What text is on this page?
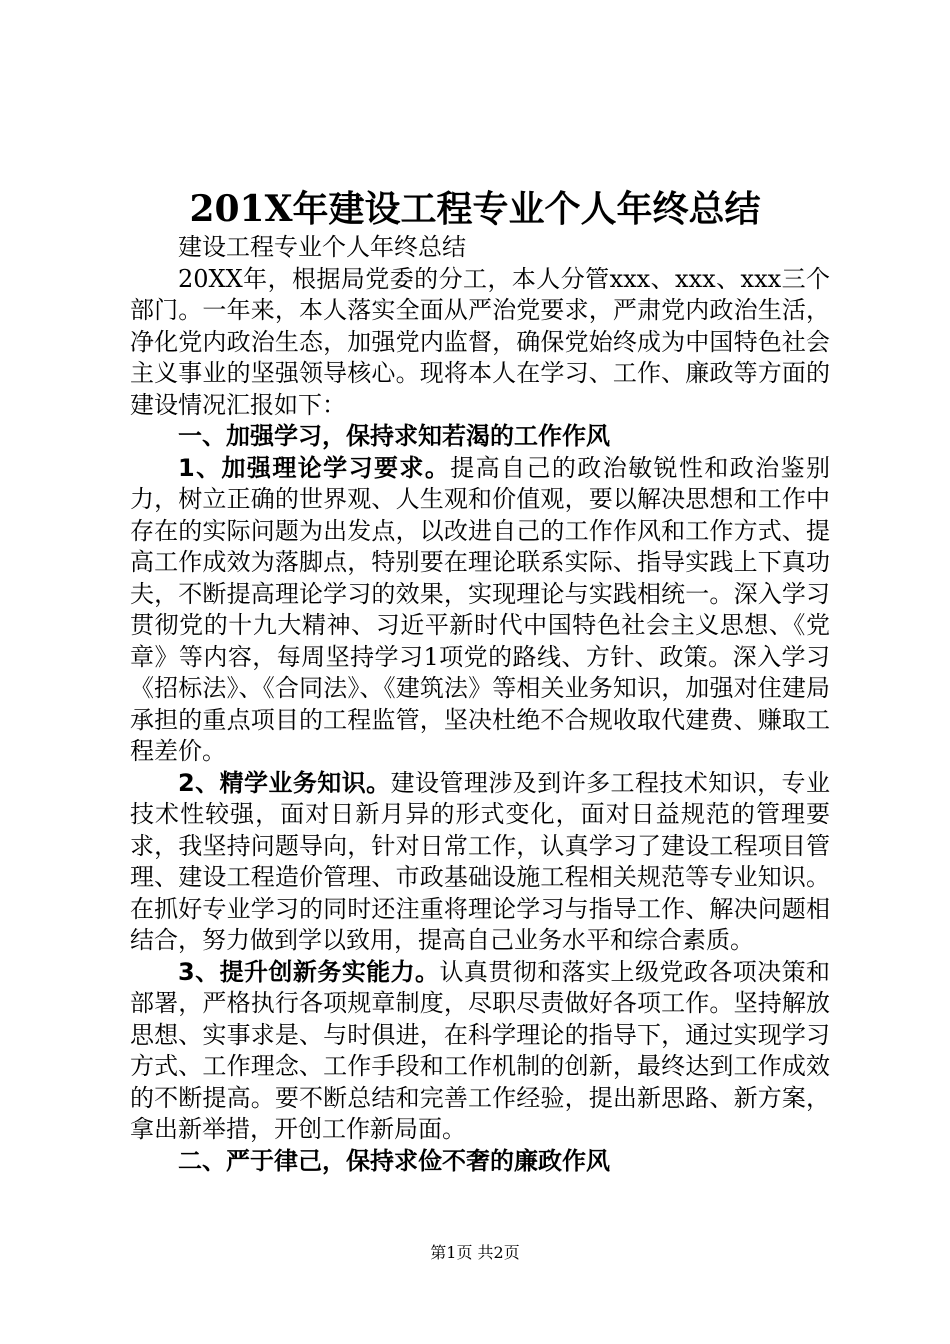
201X年建设工程专业个人年终总结

建设工程专业个人年终总结

20XX年，根据局党委的分工，本人分管xxx、xxx、xxx三个部门。一年来，本人落实全面从严治党要求，严肃党内政治生活，净化党内政治生态，加强党内监督，确保党始终成为中国特色社会主义事业的坚强领导核心。现将本人在学习、工作、廉政等方面的建设情况汇报如下：

一、加强学习，保持求知若渴的工作作风

1、加强理论学习要求。提高自己的政治敏锐性和政治鉴别力，树立正确的世界观、人生观和价值观，要以解决思想和工作中存在的实际问题为出发点，以改进自己的工作作风和工作方式、提高工作成效为落脚点，特别要在理论联系实际、指导实践上下真功夫，不断提高理论学习的效果，实现理论与实践相统一。深入学习贯彻党的十九大精神、习近平新时代中国特色社会主义思想、《党章》等内容，每周坚持学习1项党的路线、方针、政策。深入学习《招标法》、《合同法》、《建筑法》等相关业务知识，加强对住建局承担的重点项目的工程监管，坚决杜绝不合规收取代建费、赚取工程差价。

2、精学业务知识。建设管理涉及到许多工程技术知识，专业技术性较强，面对日新月异的形式变化，面对日益规范的管理要求，我坚持问题导向，针对日常工作，认真学习了建设工程项目管理、建设工程造价管理、市政基础设施工程相关规范等专业知识。在抓好专业学习的同时还注重将理论学习与指导工作、解决问题相结合，努力做到学以致用，提高自己业务水平和综合素质。

3、提升创新务实能力。认真贯彻和落实上级党政各项决策和部署，严格执行各项规章制度，尽职尽责做好各项工作。坚持解放思想、实事求是、与时俱进，在科学理论的指导下，通过实现学习方式、工作理念、工作手段和工作机制的创新，最终达到工作成效的不断提高。要不断总结和完善工作经验，提出新思路、新方案，拿出新举措，开创工作新局面。

二、严于律己，保持求俭不奢的廉政作风

第1页 共2页
